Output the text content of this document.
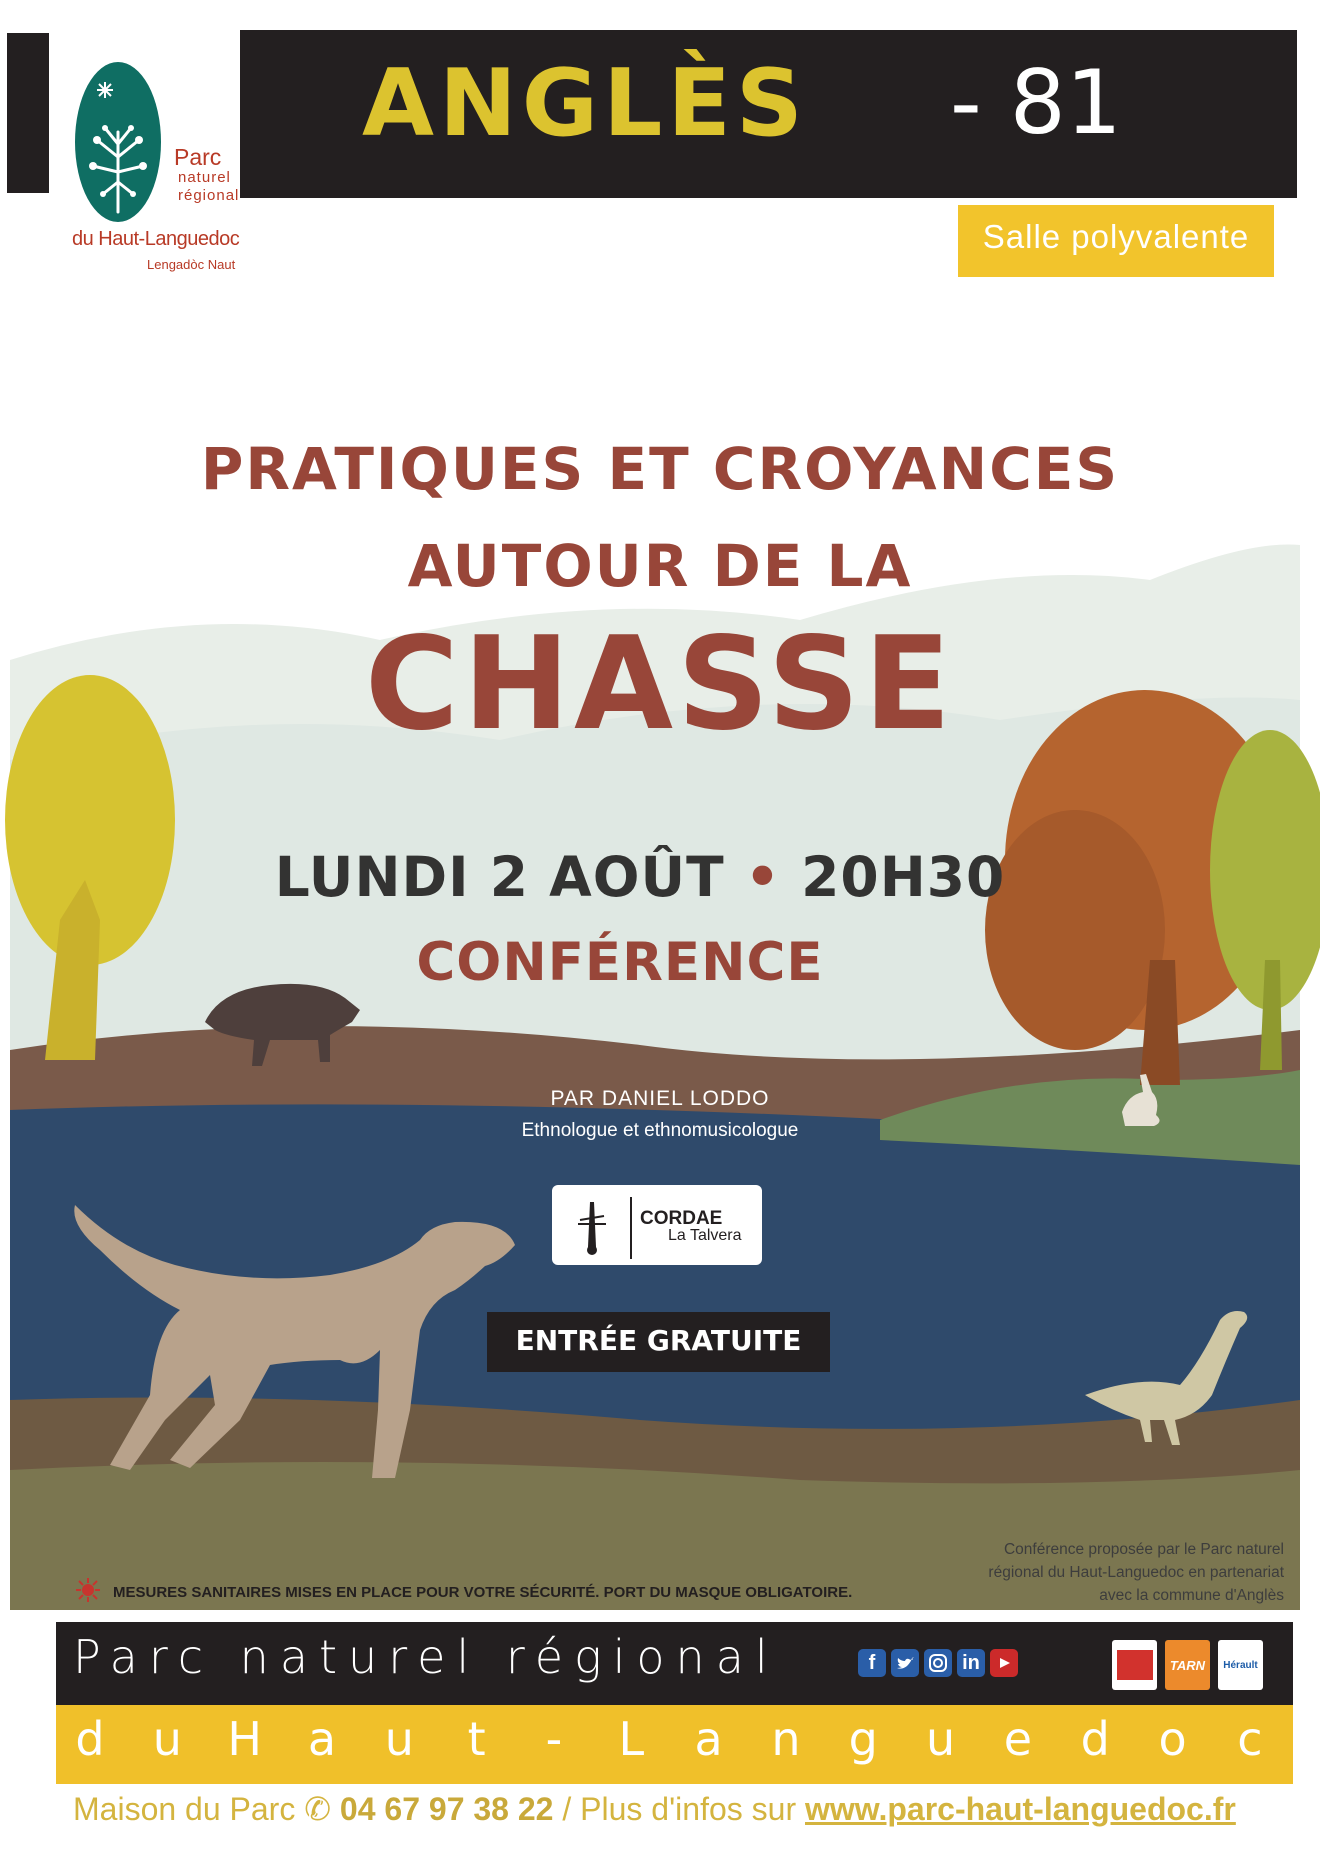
Parc
naturel
régional
du Haut-Languedoc
Lengadòc Naut
ANGLÈS - 81
Salle polyvalente
PRATIQUES ET CROYANCES
AUTOUR DE LA
CHASSE
LUNDI 2 AOÛT • 20H30
CONFÉRENCE
PAR DANIEL LODDO
Ethnologue et ethnomusicologue
CORDAE
La Talvera
ENTRÉE GRATUITE
MESURES SANITAIRES MISES EN PLACE POUR VOTRE SÉCURITÉ. PORT DU MASQUE OBLIGATOIRE.
Conférence proposée par le Parc naturel
régional du Haut-Languedoc en partenariat
avec la commune d'Anglès
Parc naturel régional
d u H a u t - L a n g u e d o c
f	in	TARN	Hérault
Maison du Parc ✆ 04 67 97 38 22 / Plus d'infos sur www.parc-haut-languedoc.fr
